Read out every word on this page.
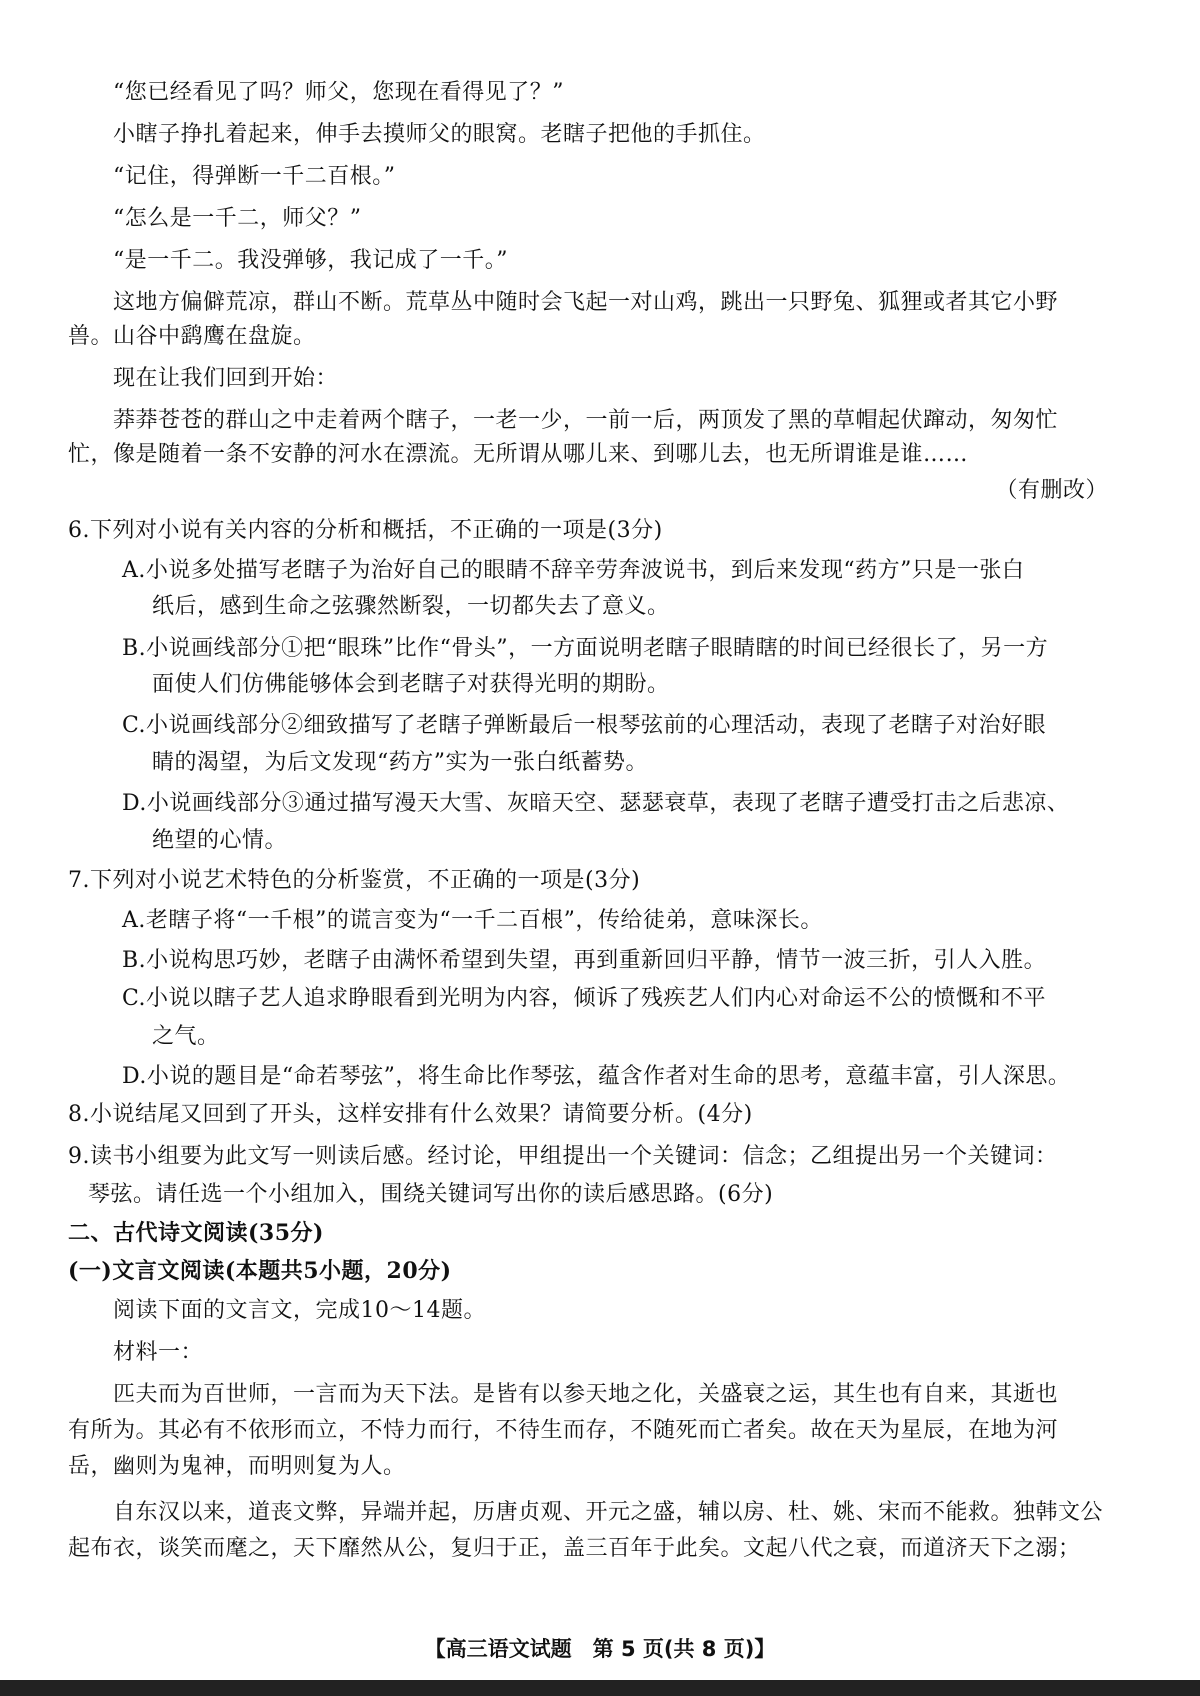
“您已经看见了吗？师父，您现在看得见了？”
小瞎子挣扎着起来，伸手去摸师父的眼窝。老瞎子把他的手抓住。
“记住，得弹断一千二百根。”
“怎么是一千二，师父？”
“是一千二。我没弹够，我记成了一千。”
这地方偏僻荒凉，群山不断。荒草丛中随时会飞起一对山鸡，跳出一只野兔、狐狸或者其它小野
兽。山谷中鹞鹰在盘旋。
现在让我们回到开始：
莽莽苍苍的群山之中走着两个瞎子，一老一少，一前一后，两顶发了黑的草帽起伏蹿动，匆匆忙
忙，像是随着一条不安静的河水在漂流。无所谓从哪儿来、到哪儿去，也无所谓谁是谁……
（有删改）
6.下列对小说有关内容的分析和概括，不正确的一项是(3分)
A.小说多处描写老瞎子为治好自己的眼睛不辞辛劳奔波说书，到后来发现“药方”只是一张白
纸后，感到生命之弦骤然断裂，一切都失去了意义。
B.小说画线部分①把“眼珠”比作“骨头”，一方面说明老瞎子眼睛瞎的时间已经很长了，另一方
面使人们仿佛能够体会到老瞎子对获得光明的期盼。
C.小说画线部分②细致描写了老瞎子弹断最后一根琴弦前的心理活动，表现了老瞎子对治好眼
睛的渴望，为后文发现“药方”实为一张白纸蓄势。
D.小说画线部分③通过描写漫天大雪、灰暗天空、瑟瑟衰草，表现了老瞎子遭受打击之后悲凉、
绝望的心情。
7.下列对小说艺术特色的分析鉴赏，不正确的一项是(3分)
A.老瞎子将“一千根”的谎言变为“一千二百根”，传给徒弟，意味深长。
B.小说构思巧妙，老瞎子由满怀希望到失望，再到重新回归平静，情节一波三折，引人入胜。
C.小说以瞎子艺人追求睁眼看到光明为内容，倾诉了残疾艺人们内心对命运不公的愤慨和不平
之气。
D.小说的题目是“命若琴弦”，将生命比作琴弦，蕴含作者对生命的思考，意蕴丰富，引人深思。
8.小说结尾又回到了开头，这样安排有什么效果？请简要分析。(4分)
9.读书小组要为此文写一则读后感。经讨论，甲组提出一个关键词：信念；乙组提出另一个关键词：
琴弦。请任选一个小组加入，围绕关键词写出你的读后感思路。(6分)
二、古代诗文阅读(35分)
(一)文言文阅读(本题共5小题，20分)
阅读下面的文言文，完成10～14题。
材料一：
匹夫而为百世师，一言而为天下法。是皆有以参天地之化，关盛衰之运，其生也有自来，其逝也
有所为。其必有不依形而立，不恃力而行，不待生而存，不随死而亡者矣。故在天为星辰，在地为河
岳，幽则为鬼神，而明则复为人。
自东汉以来，道丧文弊，异端并起，历唐贞观、开元之盛，辅以房、杜、姚、宋而不能救。独韩文公
起布衣，谈笑而麾之，天下靡然从公，复归于正，盖三百年于此矣。文起八代之衰，而道济天下之溺；
【高三语文试题　第 5 页(共 8 页)】
